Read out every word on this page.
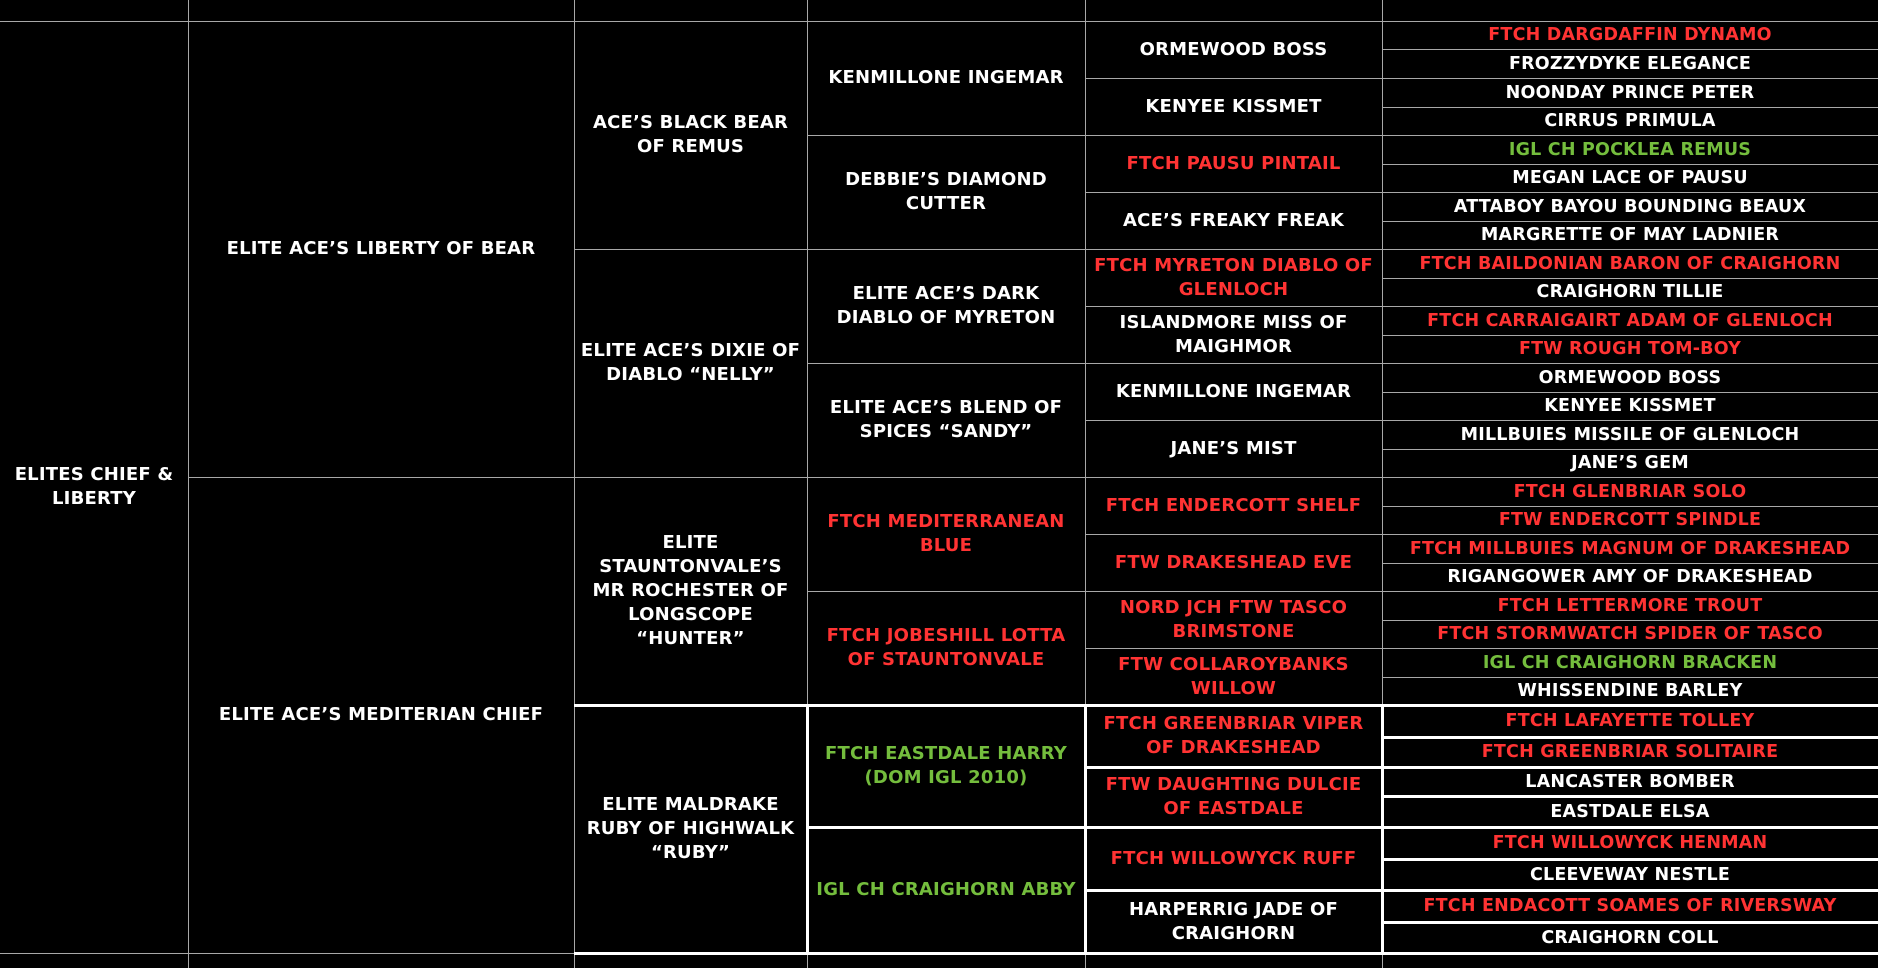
ELITES CHIEF & LIBERTY
ELITE ACE’S LIBERTY OF BEAR
ELITE ACE’S MEDITERIAN CHIEF
ACE’S BLACK BEAR OF REMUS
ELITE ACE’S DIXIE OF DIABLO “NELLY”
ELITE STAUNTONVALE’S MR ROCHESTER OF LONGSCOPE “HUNTER”
ELITE MALDRAKE RUBY OF HIGHWALK “RUBY”
KENMILLONE INGEMAR
DEBBIE’S DIAMOND CUTTER
ELITE ACE’S DARK DIABLO OF MYRETON
ELITE ACE’S BLEND OF SPICES “SANDY”
FTCH MEDITERRANEAN BLUE
FTCH JOBESHILL LOTTA OF STAUNTONVALE
FTCH EASTDALE HARRY (DOM IGL 2010)
IGL CH CRAIGHORN ABBY
ORMEWOOD BOSS
KENYEE KISSMET
FTCH PAUSU PINTAIL
ACE’S FREAKY FREAK
FTCH MYRETON DIABLO OF GLENLOCH
ISLANDMORE MISS OF MAIGHMOR
KENMILLONE INGEMAR
JANE’S MIST
FTCH ENDERCOTT SHELF
FTW DRAKESHEAD EVE
NORD JCH FTW TASCO BRIMSTONE
FTW COLLAROYBANKS WILLOW
FTCH GREENBRIAR VIPER OF DRAKESHEAD
FTW DAUGHTING DULCIE OF EASTDALE
FTCH WILLOWYCK RUFF
HARPERRIG JADE OF CRAIGHORN
FTCH DARGDAFFIN DYNAMO
FROZZYDYKE ELEGANCE
NOONDAY PRINCE PETER
CIRRUS PRIMULA
IGL CH POCKLEA REMUS
MEGAN LACE OF PAUSU
ATTABOY BAYOU BOUNDING BEAUX
MARGRETTE OF MAY LADNIER
FTCH BAILDONIAN BARON OF CRAIGHORN
CRAIGHORN TILLIE
FTCH CARRAIGAIRT ADAM OF GLENLOCH
FTW ROUGH TOM-BOY
ORMEWOOD BOSS
KENYEE KISSMET
MILLBUIES MISSILE OF GLENLOCH
JANE’S GEM
FTCH GLENBRIAR SOLO
FTW ENDERCOTT SPINDLE
FTCH MILLBUIES MAGNUM OF DRAKESHEAD
RIGANGOWER AMY OF DRAKESHEAD
FTCH LETTERMORE TROUT
FTCH STORMWATCH SPIDER OF TASCO
IGL CH CRAIGHORN BRACKEN
WHISSENDINE BARLEY
FTCH LAFAYETTE TOLLEY
FTCH GREENBRIAR SOLITAIRE
LANCASTER BOMBER
EASTDALE ELSA
FTCH WILLOWYCK HENMAN
CLEEVEWAY NESTLE
FTCH ENDACOTT SOAMES OF RIVERSWAY
CRAIGHORN COLL
